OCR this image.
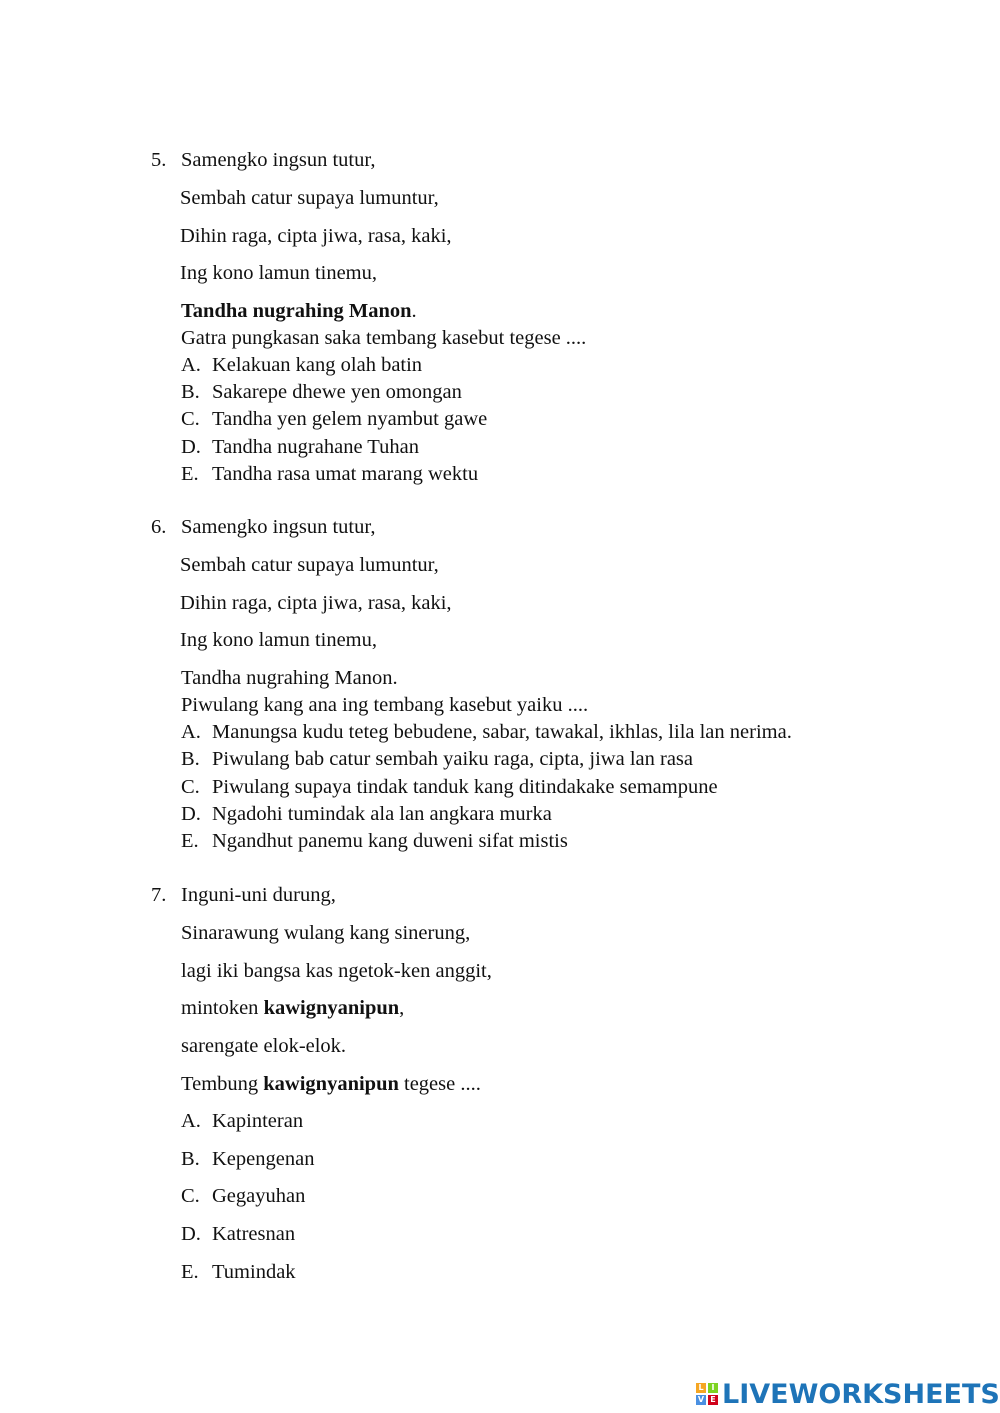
5. Samengko ingsun tutur,
Sembah catur supaya lumuntur,
Dihin raga, cipta jiwa, rasa, kaki,
Ing kono lamun tinemu,
Tandha nugrahing Manon.
Gatra pungkasan saka tembang kasebut tegese ....
A. Kelakuan kang olah batin
B. Sakarepe dhewe yen omongan
C. Tandha yen gelem nyambut gawe
D. Tandha nugrahane Tuhan
E. Tandha rasa umat marang wektu
6. Samengko ingsun tutur,
Sembah catur supaya lumuntur,
Dihin raga, cipta jiwa, rasa, kaki,
Ing kono lamun tinemu,
Tandha nugrahing Manon.
Piwulang kang ana ing tembang kasebut yaiku ....
A. Manungsa kudu teteg bebudene, sabar, tawakal, ikhlas, lila lan nerima.
B. Piwulang bab catur sembah yaiku raga, cipta, jiwa lan rasa
C. Piwulang supaya tindak tanduk kang ditindakake semampune
D. Ngadohi tumindak ala lan angkara murka
E. Ngandhut panemu kang duweni sifat mistis
7. Inguni-uni durung,
Sinarawung wulang kang sinerung,
lagi iki bangsa kas ngetok-ken anggit,
mintoken kawignyanipun,
sarengate elok-elok.
Tembung kawignyanipun tegese ....
A. Kapinteran
B. Kepengenan
C. Gegayuhan
D. Katresnan
E. Tumindak
L I
V E LIVEWORKSHEETS
